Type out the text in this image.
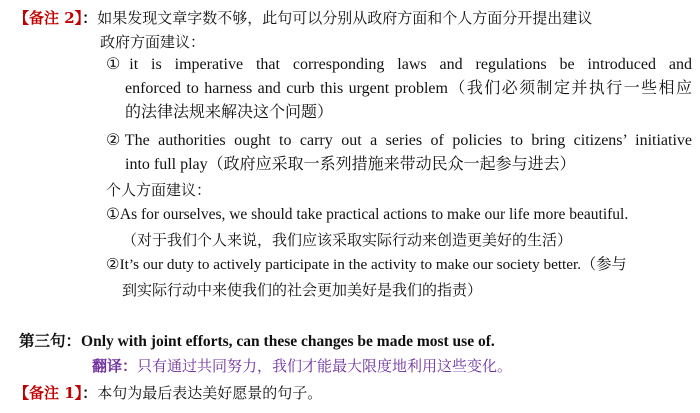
【备注 2】：如果发现文章字数不够，此句可以分别从政府方面和个人方面分开提出建议
政府方面建议：
①it is imperative that corresponding laws and regulations be introduced and
enforced to harness and curb this urgent problem（我们必须制定并执行一些相应
的法律法规来解决这个问题）
②The authorities ought to carry out a series of policies to bring citizens’ initiative
into full play（政府应采取一系列措施来带动民众一起参与进去）
个人方面建议：
①As for ourselves, we should take practical actions to make our life more beautiful.
（对于我们个人来说，我们应该采取实际行动来创造更美好的生活）
②It’s our duty to actively participate in the activity to make our society better.（参与
到实际行动中来使我们的社会更加美好是我们的指责）
第三句：Only with joint efforts, can these changes be made most use of.
翻译：只有通过共同努力，我们才能最大限度地利用这些变化。
【备注 1】：本句为最后表达美好愿景的句子。
